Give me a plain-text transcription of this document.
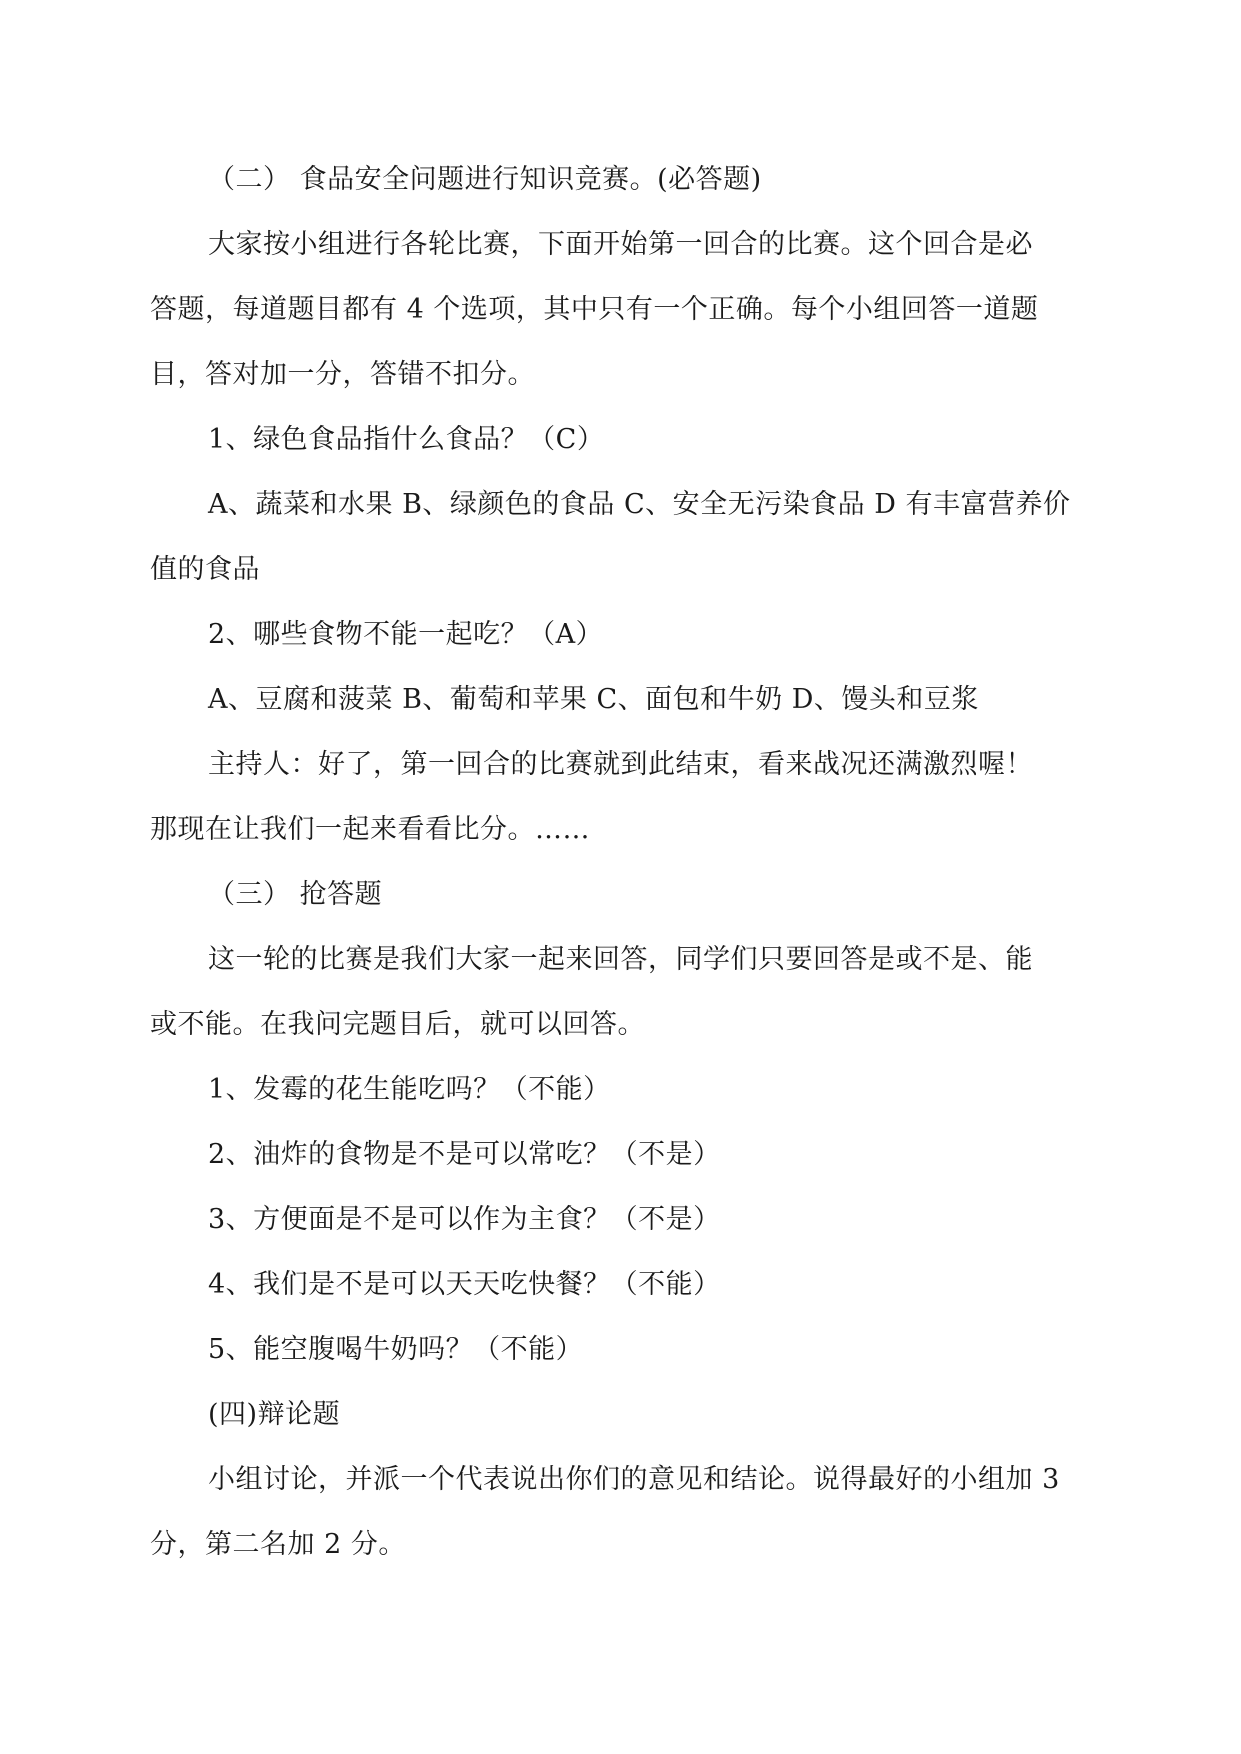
（二） 食品安全问题进行知识竞赛。(必答题)
大家按小组进行各轮比赛，下面开始第一回合的比赛。这个回合是必
答题，每道题目都有 4 个选项，其中只有一个正确。每个小组回答一道题
目，答对加一分，答错不扣分。
1、绿色食品指什么食品？（C）
A、蔬菜和水果 B、绿颜色的食品 C、安全无污染食品 D 有丰富营养价
值的食品
2、哪些食物不能一起吃？（A）
A、豆腐和菠菜 B、葡萄和苹果 C、面包和牛奶 D、馒头和豆浆
主持人：好了，第一回合的比赛就到此结束，看来战况还满激烈喔！
那现在让我们一起来看看比分。……
（三） 抢答题
这一轮的比赛是我们大家一起来回答，同学们只要回答是或不是、能
或不能。在我问完题目后，就可以回答。
1、发霉的花生能吃吗？（不能）
2、油炸的食物是不是可以常吃？（不是）
3、方便面是不是可以作为主食？（不是）
4、我们是不是可以天天吃快餐？（不能）
5、能空腹喝牛奶吗？（不能）
(四)辩论题
小组讨论，并派一个代表说出你们的意见和结论。说得最好的小组加 3
分，第二名加 2 分。
